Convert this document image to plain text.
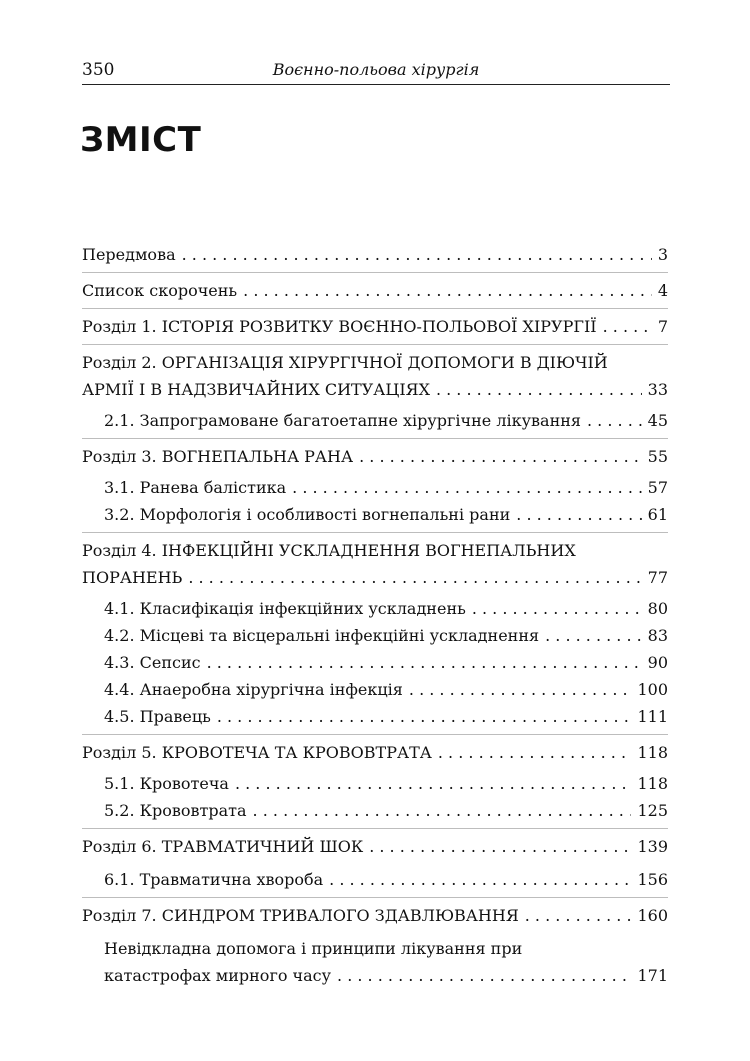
350	Воєнно-польова хірургія
ЗМІСТ
Передмова . . .	3
Список скорочень . . .	4
Розділ 1. ІСТОРІЯ РОЗВИТКУ ВОЄННО-ПОЛЬОВОЇ ХІРУРГІЇ . . .	7
Розділ 2. ОРГАНІЗАЦІЯ ХІРУРГІЧНОЇ ДОПОМОГИ В ДІЮЧІЙ
АРМІЇ І В НАДЗВИЧАЙНИХ СИТУАЦІЯХ . . .	33
2.1. Запрограмоване багатоетапне хірургічне лікування . . .	45
Розділ 3. ВОГНЕПАЛЬНА РАНА . . .	55
3.1. Ранева балістика . . .	57
3.2. Морфологія і особливості вогнепальні рани . . .	61
Розділ 4. ІНФЕКЦІЙНІ УСКЛАДНЕННЯ ВОГНЕПАЛЬНИХ
ПОРАНЕНЬ . . .	77
4.1. Класифікація інфекційних ускладнень . . .	80
4.2. Місцеві та вісцеральні інфекційні ускладнення . . .	83
4.3. Сепсис . . .	90
4.4. Анаеробна хірургічна інфекція . . .	100
4.5. Правець . . .	111
Розділ 5. КРОВОТЕЧА ТА КРОВОВТРАТА . . .	118
5.1. Кровотеча . . .	118
5.2. Крововтрата . . .	125
Розділ 6. ТРАВМАТИЧНИЙ ШОК . . .	139
6.1. Травматична хвороба . . .	156
Розділ 7. СИНДРОМ ТРИВАЛОГО ЗДАВЛЮВАННЯ . . .	160
Невідкладна допомога і принципи лікування при
катастрофах мирного часу . . .	171
